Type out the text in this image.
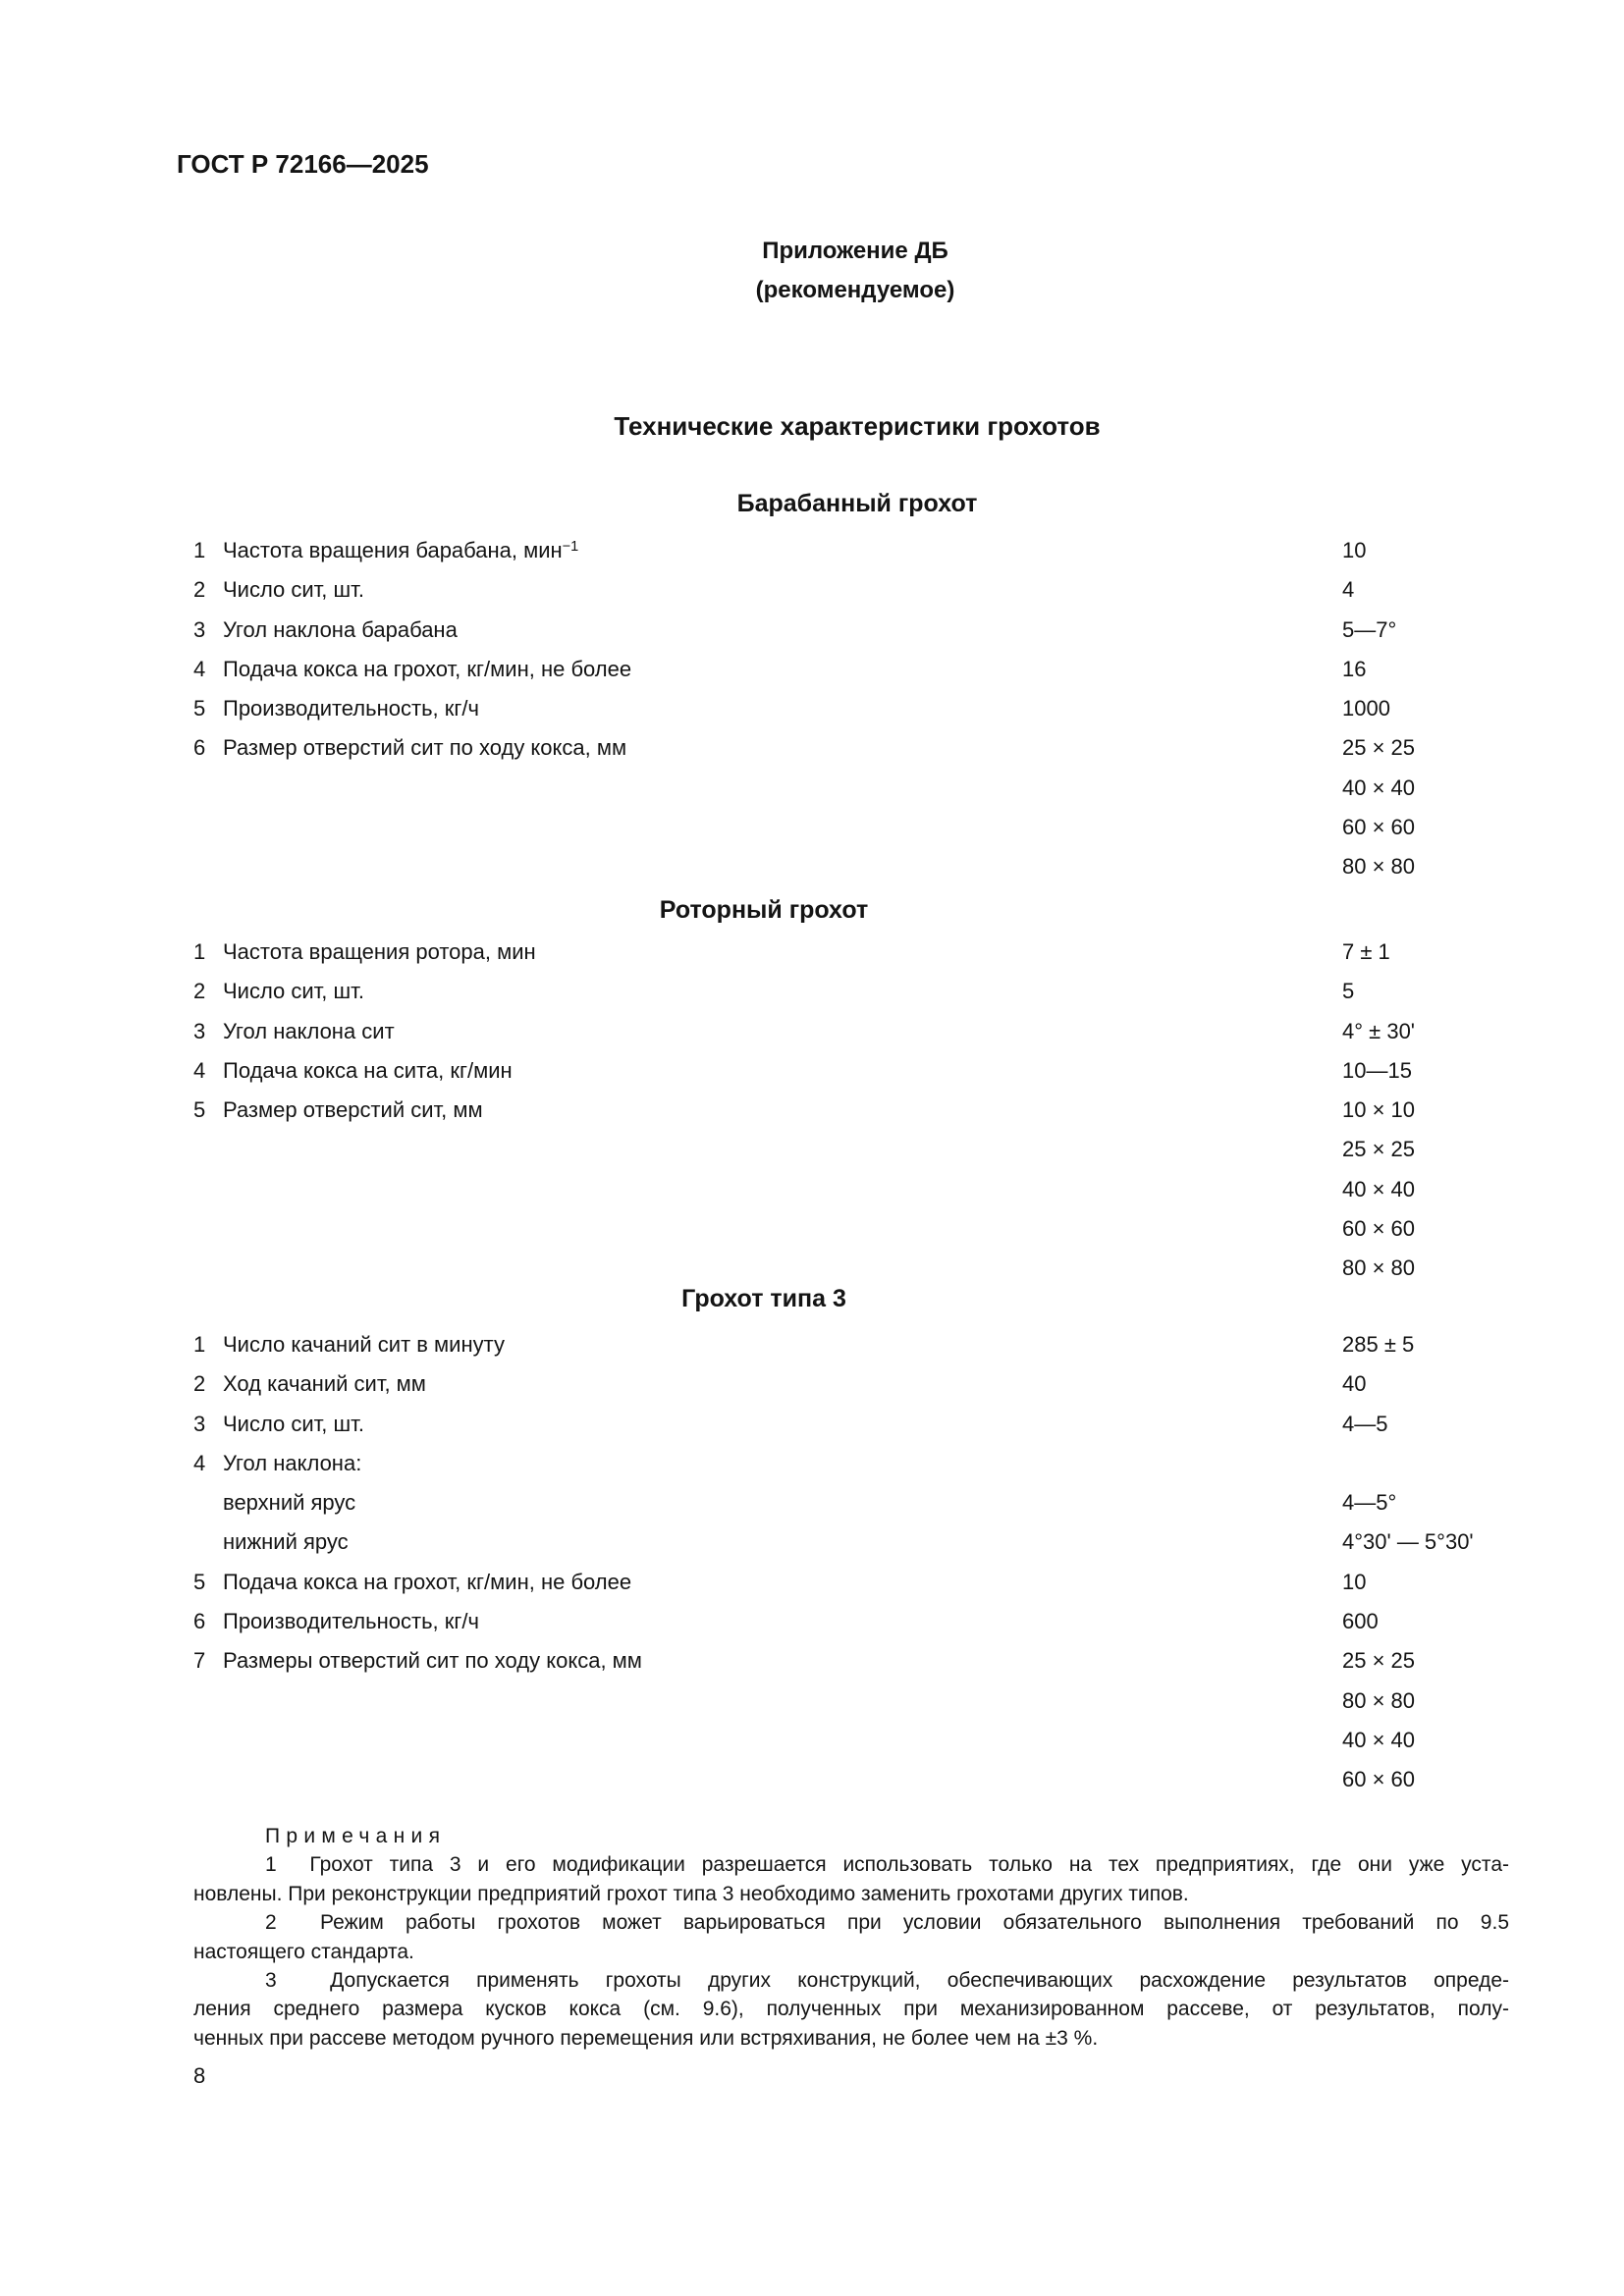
ГОСТ Р 72166—2025
Приложение ДБ
(рекомендуемое)
Технические характеристики грохотов
Барабанный грохот
1 Частота вращения барабана, мин$^{-1}$	10
2 Число сит, шт.	4
3 Угол наклона барабана	5—7°
4 Подача кокса на грохот, кг/мин, не более	16
5 Производительность, кг/ч	1000
6 Размер отверстий сит по ходу кокса, мм	25 × 25
40 × 40
60 × 60
80 × 80
Роторный грохот
1 Частота вращения ротора, мин	7 ± 1
2 Число сит, шт.	5
3 Угол наклона сит	4° ± 30'
4 Подача кокса на сита, кг/мин	10—15
5 Размер отверстий сит, мм	10 × 10
25 × 25
40 × 40
60 × 60
80 × 80
Грохот типа 3
1 Число качаний сит в минуту	285 ± 5
2 Ход качаний сит, мм	40
3 Число сит, шт.	4—5
4 Угол наклона:
верхний ярус	4—5°
нижний ярус	4°30' — 5°30'
5 Подача кокса на грохот, кг/мин, не более	10
6 Производительность, кг/ч	600
7 Размеры отверстий сит по ходу кокса, мм	25 × 25
80 × 80
40 × 40
60 × 60
Примечания
1  Грохот типа 3 и его модификации разрешается использовать только на тех предприятиях, где они уже уста-
новлены. При реконструкции предприятий грохот типа 3 необходимо заменить грохотами других типов.
2  Режим работы грохотов может варьироваться при условии обязательного выполнения требований по 9.5
настоящего стандарта.
3  Допускается применять грохоты других конструкций, обеспечивающих расхождение результатов опреде-
ления среднего размера кусков кокса (см. 9.6), полученных при механизированном рассеве, от результатов, полу-
ченных при рассеве методом ручного перемещения или встряхивания, не более чем на ±3 %.
8
